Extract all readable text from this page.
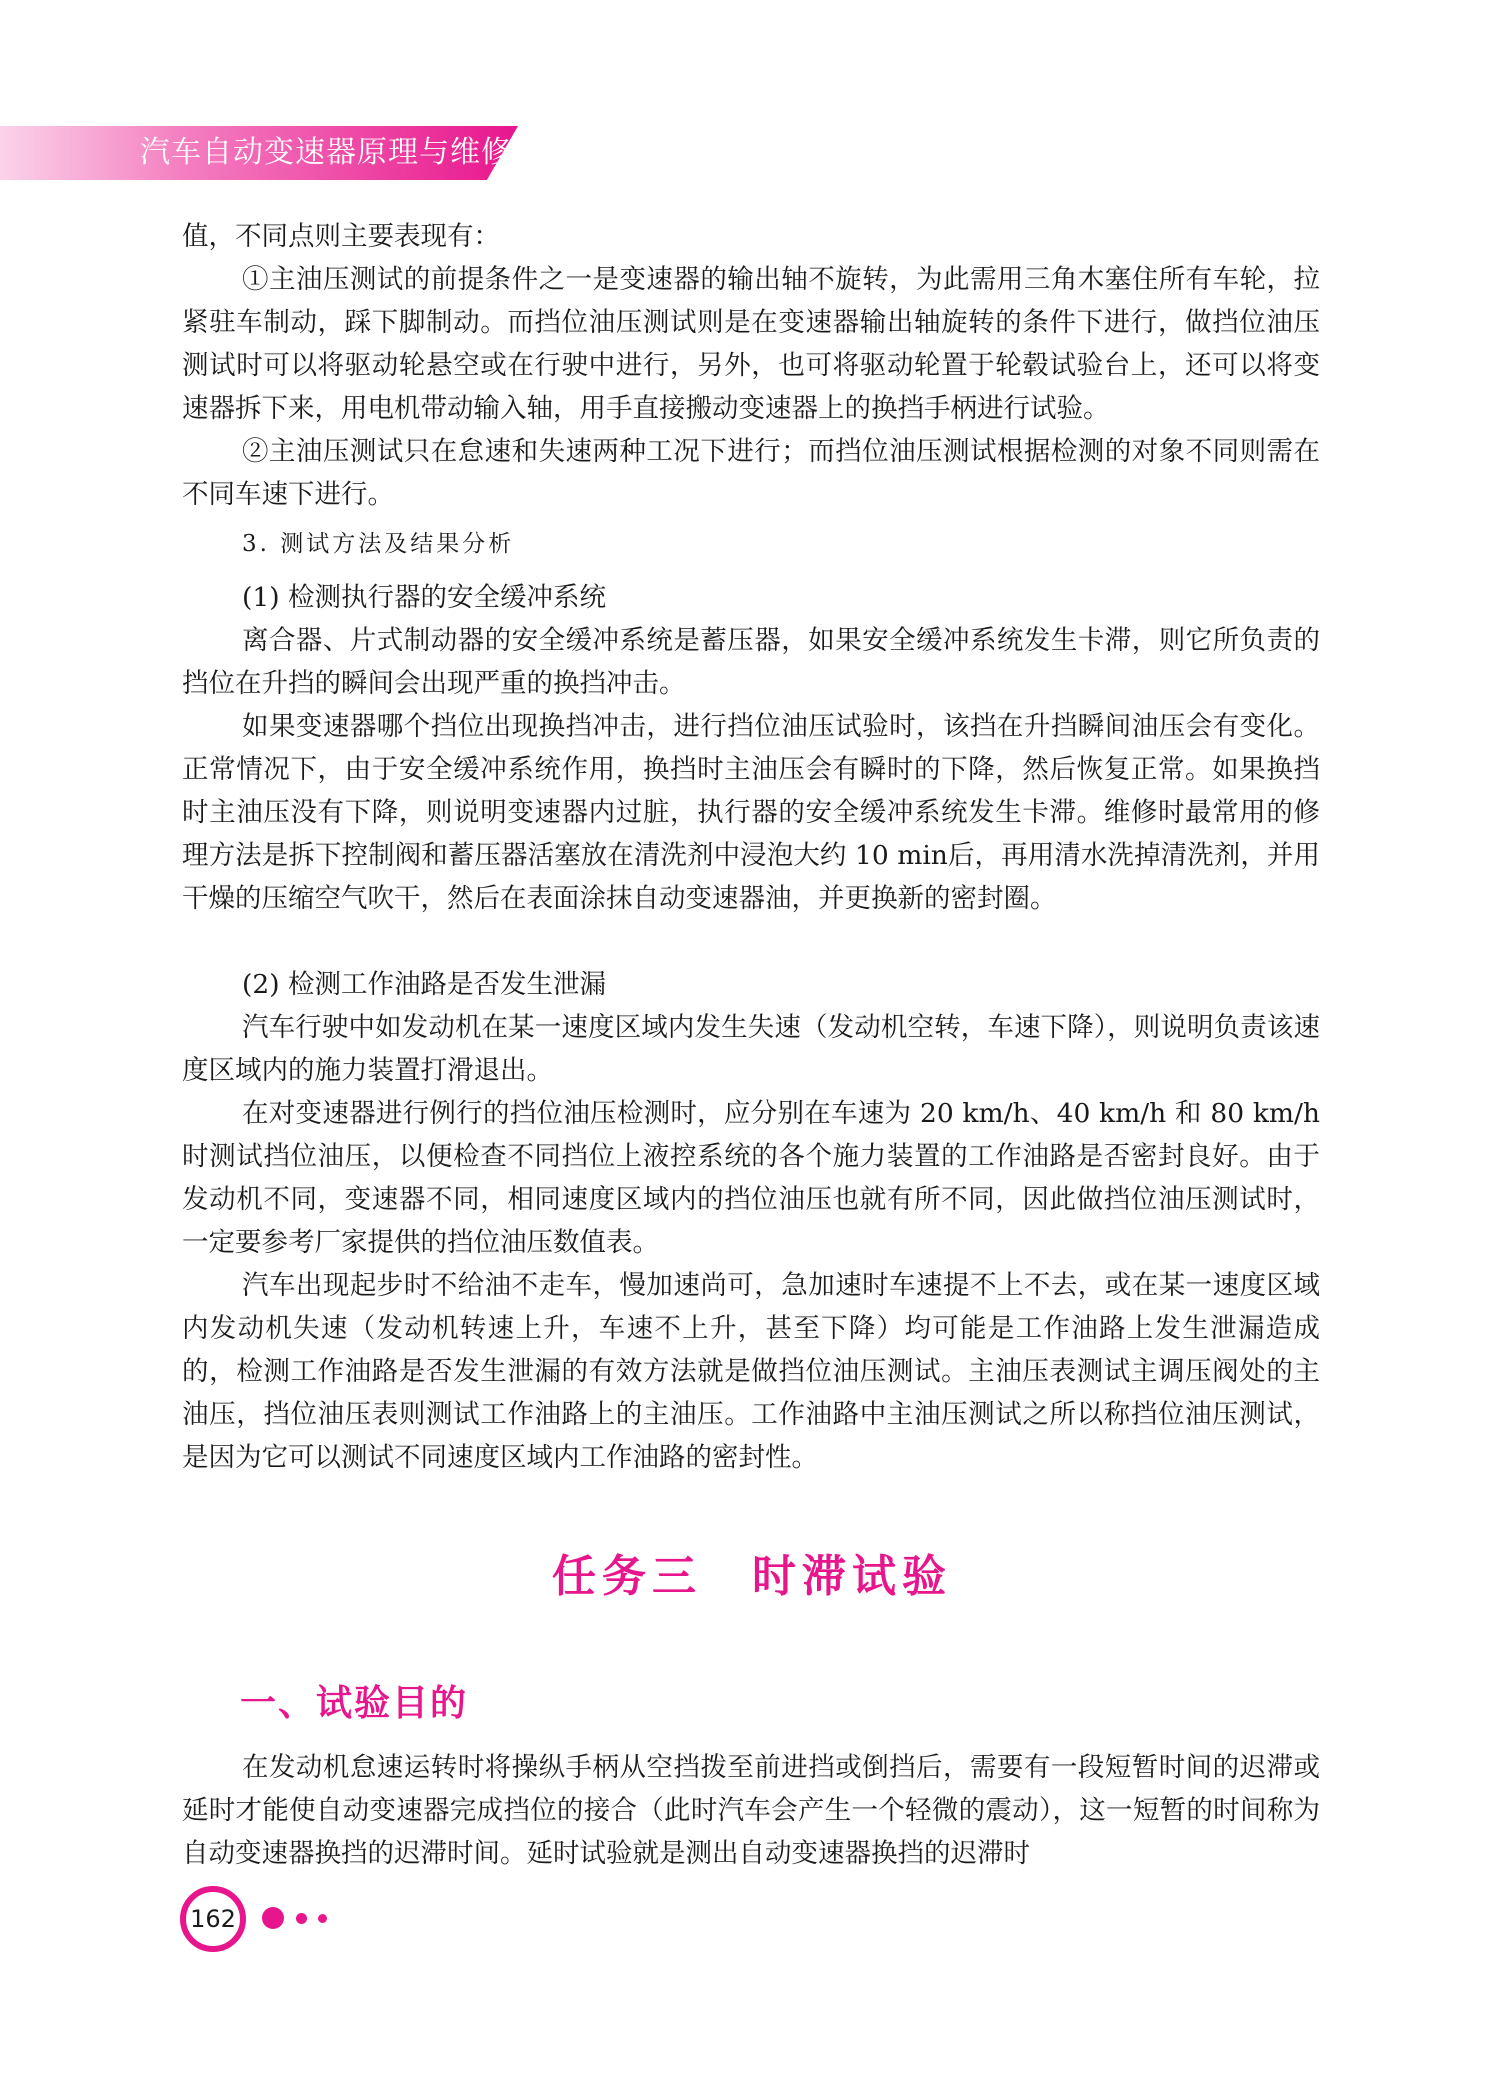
汽车自动变速器原理与维修

值，不同点则主要表现有：

①主油压测试的前提条件之一是变速器的输出轴不旋转，为此需用三角木塞住所有车轮，拉紧驻车制动，踩下脚制动。而挡位油压测试则是在变速器输出轴旋转的条件下进行，做挡位油压测试时可以将驱动轮悬空或在行驶中进行，另外，也可将驱动轮置于轮毂试验台上，还可以将变速器拆下来，用电机带动输入轴，用手直接搬动变速器上的换挡手柄进行试验。

②主油压测试只在怠速和失速两种工况下进行；而挡位油压测试根据检测的对象不同则需在不同车速下进行。

3. 测试方法及结果分析

(1) 检测执行器的安全缓冲系统

离合器、片式制动器的安全缓冲系统是蓄压器，如果安全缓冲系统发生卡滞，则它所负责的挡位在升挡的瞬间会出现严重的换挡冲击。

如果变速器哪个挡位出现换挡冲击，进行挡位油压试验时，该挡在升挡瞬间油压会有变化。正常情况下，由于安全缓冲系统作用，换挡时主油压会有瞬时的下降，然后恢复正常。如果换挡时主油压没有下降，则说明变速器内过脏，执行器的安全缓冲系统发生卡滞。维修时最常用的修理方法是拆下控制阀和蓄压器活塞放在清洗剂中浸泡大约 10 min后，再用清水洗掉清洗剂，并用干燥的压缩空气吹干，然后在表面涂抹自动变速器油，并更换新的密封圈。

(2) 检测工作油路是否发生泄漏

汽车行驶中如发动机在某一速度区域内发生失速（发动机空转，车速下降），则说明负责该速度区域内的施力装置打滑退出。

在对变速器进行例行的挡位油压检测时，应分别在车速为 20 km/h、40 km/h 和 80 km/h时测试挡位油压，以便检查不同挡位上液控系统的各个施力装置的工作油路是否密封良好。由于发动机不同，变速器不同，相同速度区域内的挡位油压也就有所不同，因此做挡位油压测试时，一定要参考厂家提供的挡位油压数值表。

汽车出现起步时不给油不走车，慢加速尚可，急加速时车速提不上不去，或在某一速度区域内发动机失速（发动机转速上升，车速不上升，甚至下降）均可能是工作油路上发生泄漏造成的，检测工作油路是否发生泄漏的有效方法就是做挡位油压测试。主油压表测试主调压阀处的主油压，挡位油压表则测试工作油路上的主油压。工作油路中主油压测试之所以称挡位油压测试，是因为它可以测试不同速度区域内工作油路的密封性。

任务三　时滞试验
一、试验目的

在发动机怠速运转时将操纵手柄从空挡拨至前进挡或倒挡后，需要有一段短暂时间的迟滞或延时才能使自动变速器完成挡位的接合（此时汽车会产生一个轻微的震动），这一短暂的时间称为自动变速器换挡的迟滞时间。延时试验就是测出自动变速器换挡的迟滞时

162
